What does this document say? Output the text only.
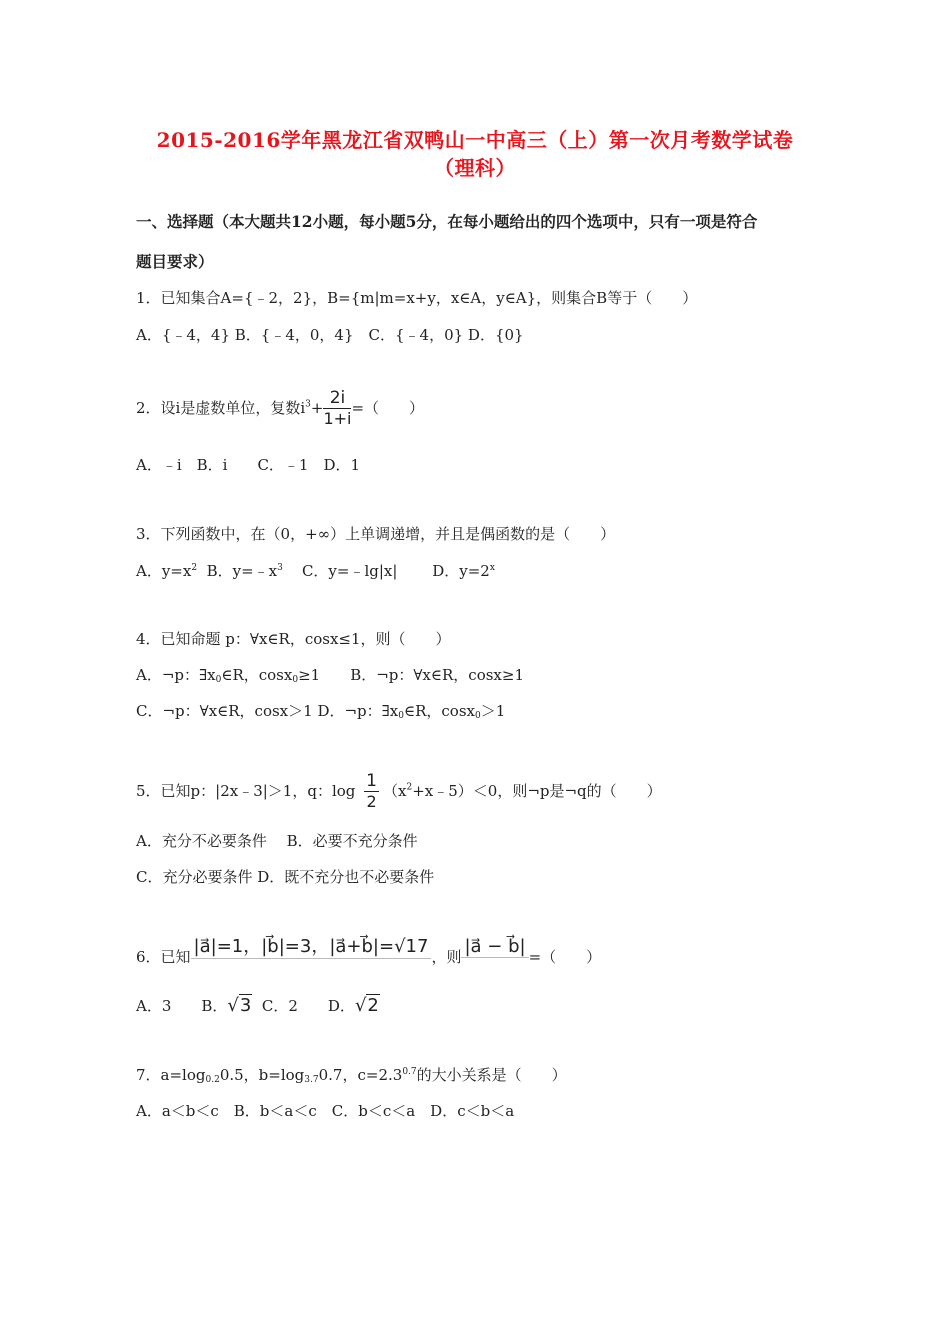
2015-2016学年黑龙江省双鸭山一中高三（上）第一次月考数学试卷
（理科）
一、选择题（本大题共12小题，每小题5分，在每小题给出的四个选项中，只有一项是符合
题目要求）
1．已知集合A={﹣2，2}，B={m|m=x+y，x∈A，y∈A}，则集合B等于（　　）
A．{﹣4，4} B．{﹣4，0，4}　C．{﹣4，0} D．{0}
2．设i是虚数单位，复数$i^3+ \frac{2i}{1+i}$ =（　　）
A．﹣i　B．i　　C．﹣1　D．1
3．下列函数中，在（0，+∞）上单调递增，并且是偶函数的是（　　）
A．$y=x^2$  B．$y=﹣x^3$    C．y=﹣lg|x|　　 D．$y=2^x$
4．已知命题 p：∀x∈R，cosx≤1，则（　　）
A．¬p：$\exists x_0\in R$，cosx$_0$≥1　　B．¬p：∀x∈R，cosx≥1
C．¬p：∀x∈R，cosx＞1 D．¬p：$\exists x_0\in R$，cosx$_0$＞1
5．已知p：|2x﹣3|＞1，q：$\log \frac{1}{2}$ $(x^2+x﹣5)<0$，则¬p是¬q的（　　）
A．充分不必要条件　 B．必要不充分条件
C．充分必要条件 D．既不充分也不必要条件
6．已知 |a⃗|=1，|b⃗|=3，|a⃗+b⃗|=√17 ，则 |a⃗ − b⃗| =（　　）
A．3　　B．√3  C．2　　D．√2
7．$a=\log_{0.2}0.5$，$b=\log_{3.7}0.7$，$c=2.3^{0.7}$的大小关系是（　　）
A．a＜b＜c　B．b＜a＜c　C．b＜c＜a　D．c＜b＜a
